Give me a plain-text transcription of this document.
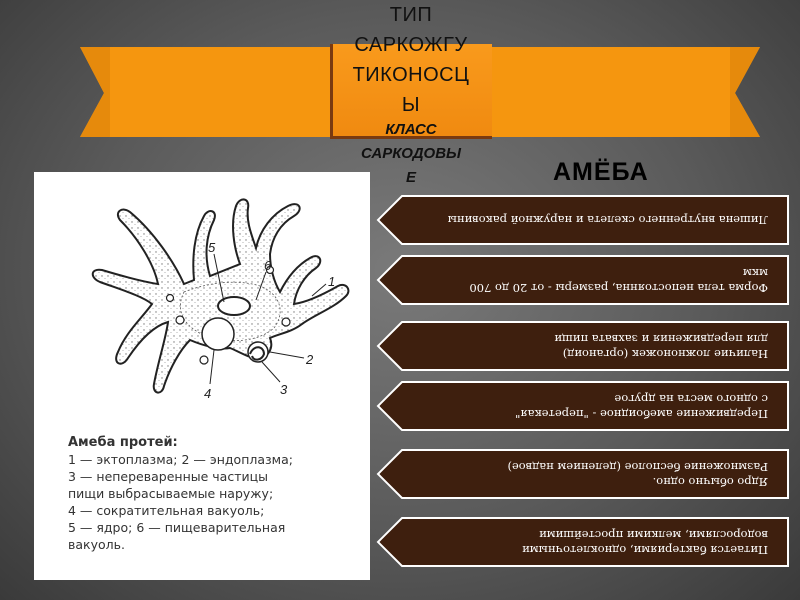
ТИП
САРКОЖГУ
ТИКОНОСЦ
Ы
КЛАСС
САРКОДОВЫ
Е	АМЁБА
5
6
1
2
3
4
Амеба протей:
1 — эктоплазма; 2 — эндоплазма;
3 — непереваренные частицы
пищи выбрасываемые наружу;
4 — сократительная вакуоль;
5 — ядро; 6 — пищеварительная
вакуоль.
Лишена внутреннего скелета и наружной раковины
Форма тела непостоянна, размеры - от 20 до 700
мкм
Наличие ложноножек (органоид)
для передвижения и захвата пищи
Передвижение амебоидное - "перетекая"
с одного места на другое
Ядро обычно одно.
Размножение бесполое (делением надвое)
Питается бактериями, одноклеточными
водорослями, мелкими простейшими
